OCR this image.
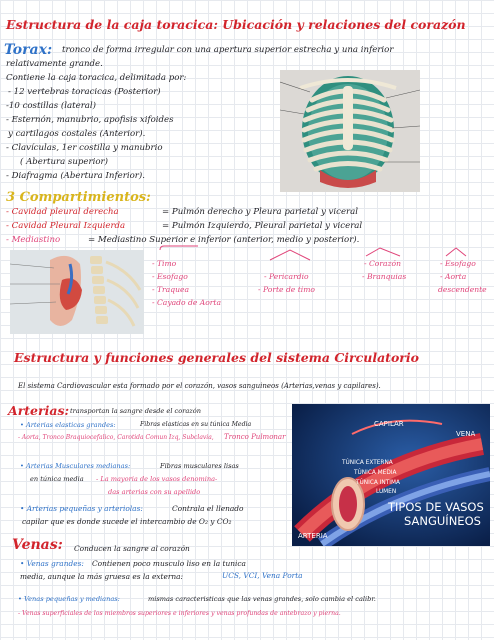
Estructura de la caja toracica: Ubicación y relaciones del corazón
Torax: tronco de forma irregular con una apertura superior estrecha y una inferior
relativamente grande.
Contiene la caja toracica, delimitada por:
- 12 vertebras toracicas (Posterior)
-10 costillas (lateral)
- Esternón, manubrio, apofisis xifoides
y cartilagos costales (Anterior).
- Clavículas, 1er costilla y manubrio
( Abertura superior)
- Diafragma (Abertura Inferior).
3 Compartimientos:
- Cavidad pleural derecha	= Pulmón derecho y Pleura parietal y viceral
- Cavidad Pleural Izquierda	= Pulmón Izquierdo, Pleural parietal y viceral
- Mediastino	= Mediastino Superior e inferior (anterior, medio y posterior).
- Timo
- Esofago
- Traquea
- Cayado de Aorta
- Pericardio
- Porte de timo
- Corazón
- Branquias
- Esofago
- Aorta
descendente
Estructura y funciones generales del sistema Circulatorio
El sistema Cardiovascular esta formado por el corazón, vasos sanguineos (Arterias,venas y capilares).
Arterias: transportan la sangre desde el corazón
• Arterias elasticas grandes:	Fibras elasticas en su túnica Media
- Aorta, Tronco Braquiocefalico, Carotida Comun Izq, Subclavia, Tronco Pulmonar
• Arterias Musculares medianas:	Fibras musculares lisas
en túnica media - La mayoria de los vasos denomina-
das arterias con su apellido
• Arterias pequeñas y arteriolas:	Contrala el llenado
capilar que es donde sucede el intercambio de O₂ y CO₂
CAPILAR
VENA
TÚNICA EXTERNA
TÚNICA MEDIA
TÚNICA INTIMA
LUMEN
TIPOS DE VASOS
SANGUÍNEOS
ARTERIA
Venas: Conducen la sangre al corazón
• Venas grandes: Contienen poco musculo liso en la tunica
media, aunque la más gruesa es la externa:	UCS, VCI, Vena Porta
• Venas pequeñas y medianas:	mismas caracteristicas que las venas grandes, solo cambia el calibr.
- Venas superficiales de los miembros superiores e inferiores y venas profundas de antebrazo y pierna.
